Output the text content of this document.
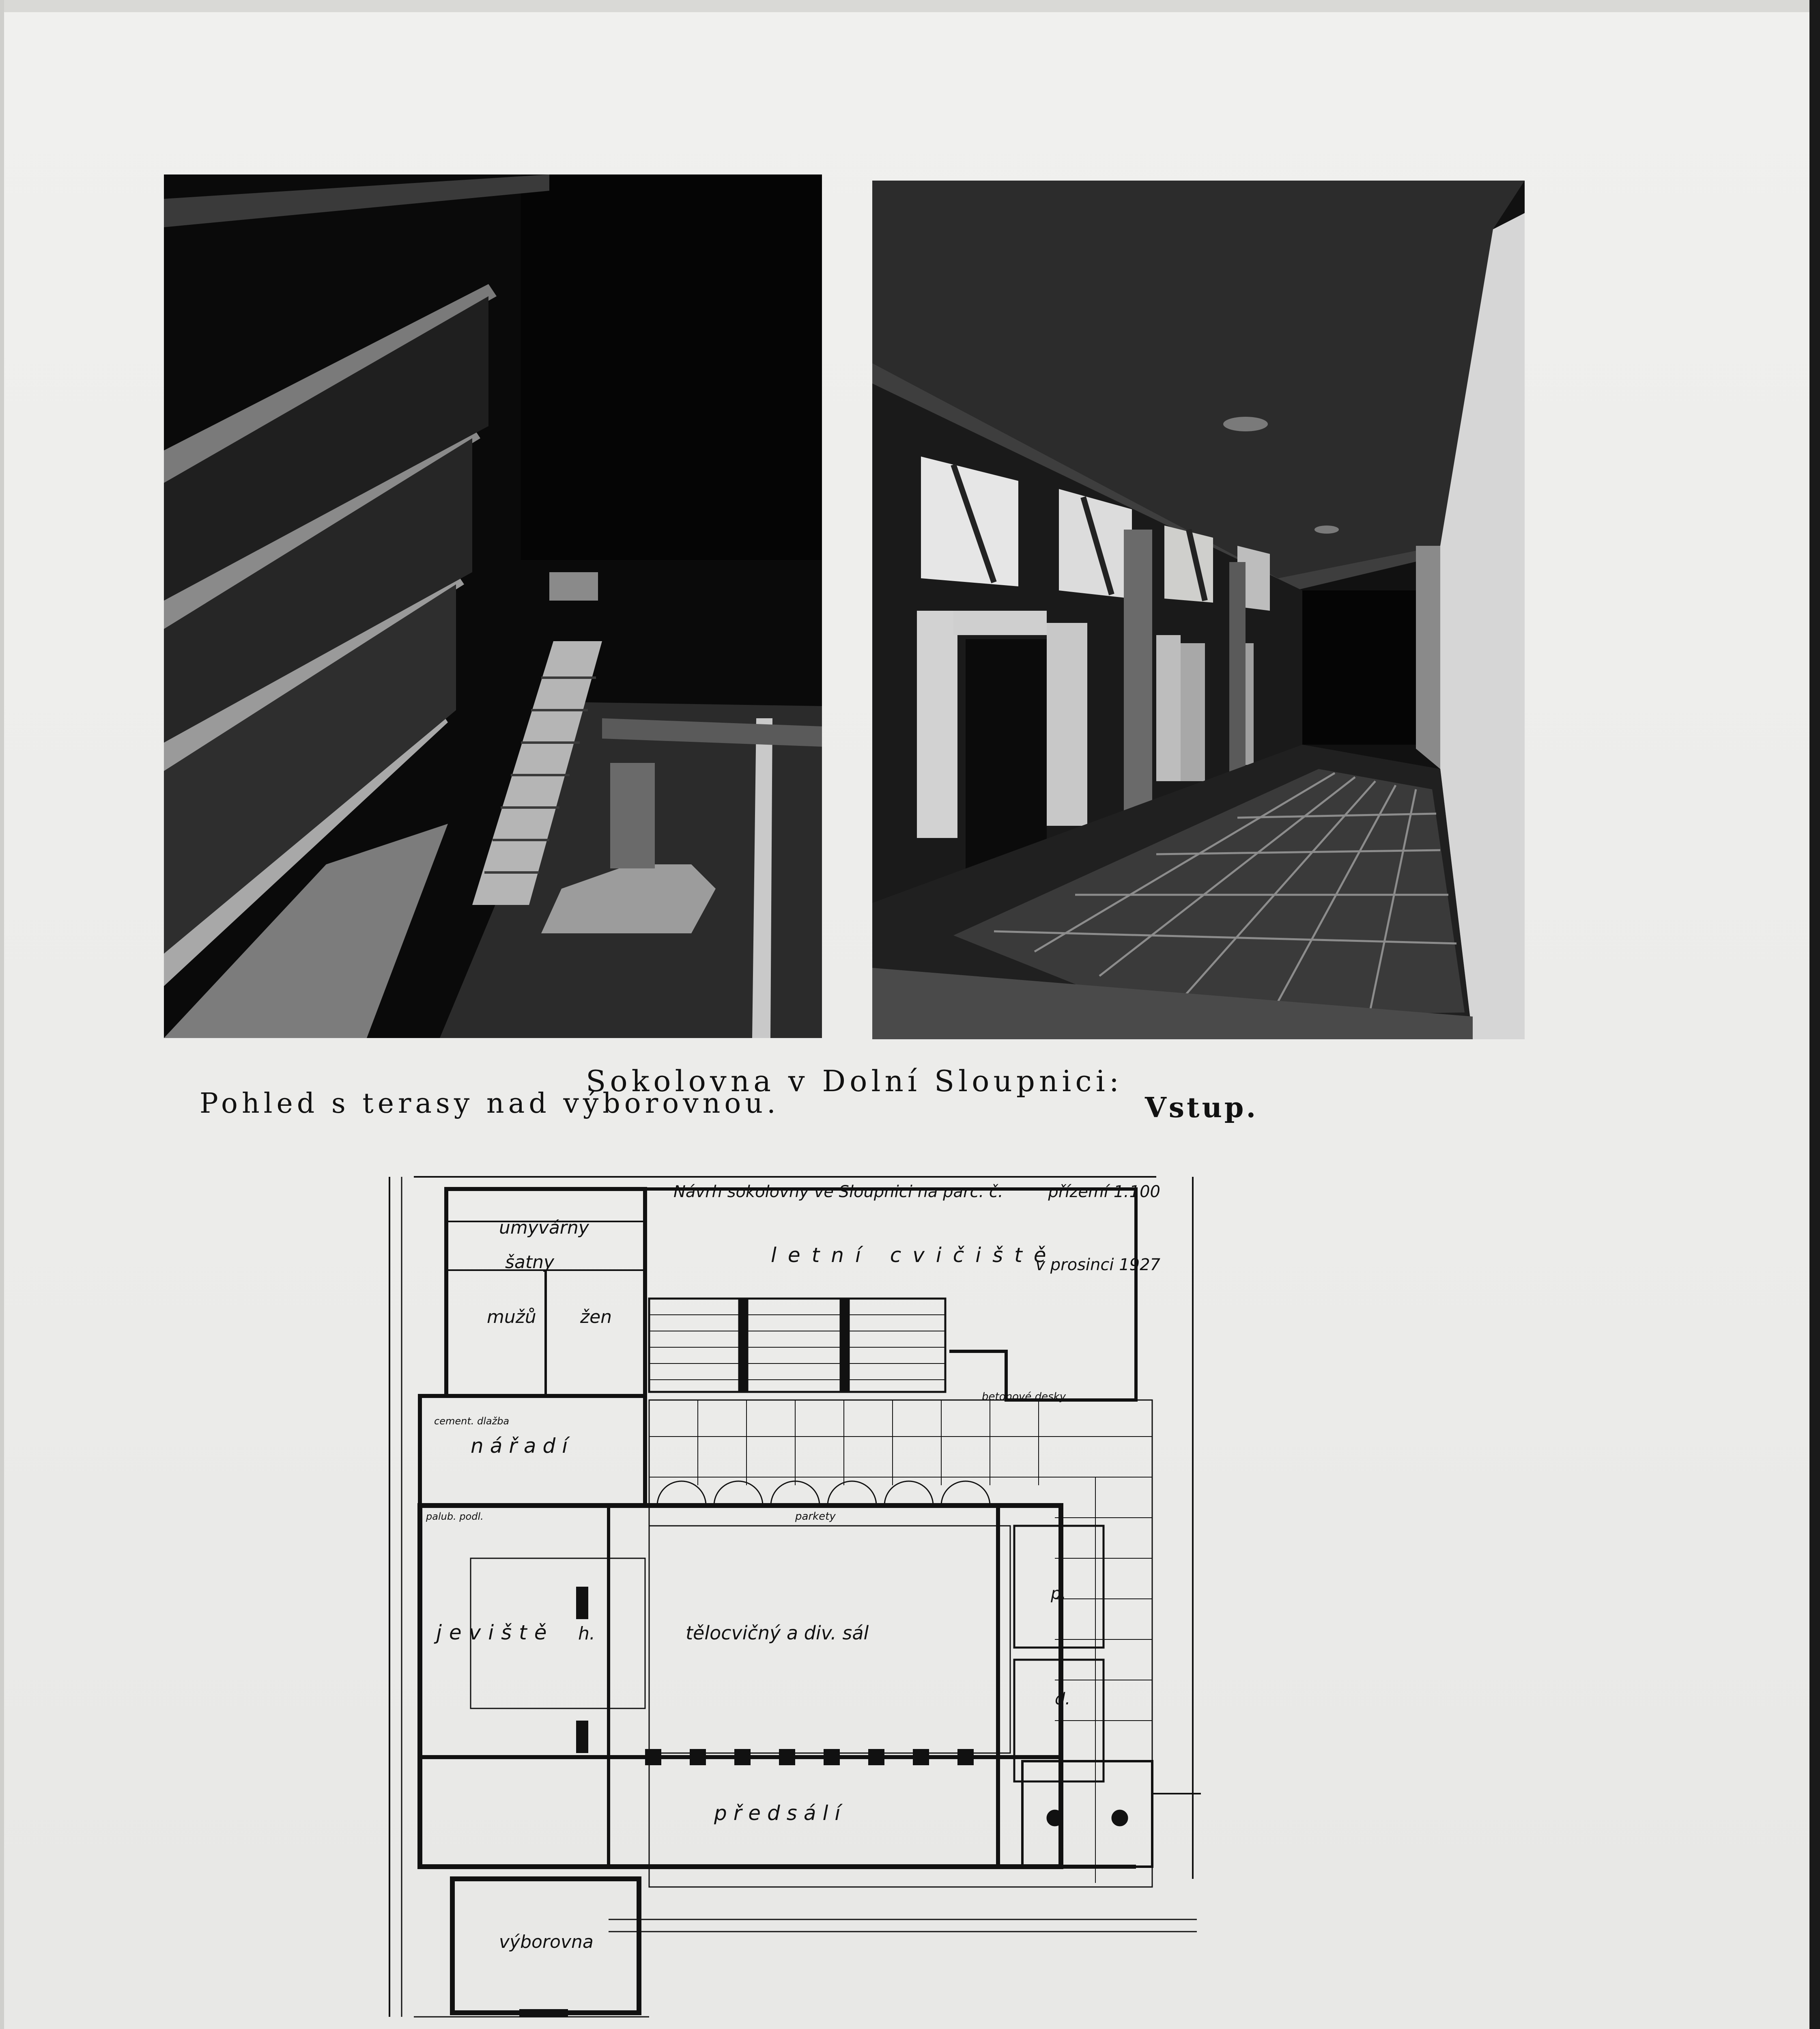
Sokolovna v Dolní Sloupnici:
Pohled s terasy nad výborovnou.	Vstup.
Návrh sokolovny ve Sloupnici na parc. č.	přízemí 1:100
v prosinci 1927
umyvárny
šatny
mužů žen
letní cvičiště
nářadí
cement. dlažba
betonové desky
parkety
palub. podl.
jeviště h.	tělocvičný a div. sál
p.
d.
předsálí
výborovna
